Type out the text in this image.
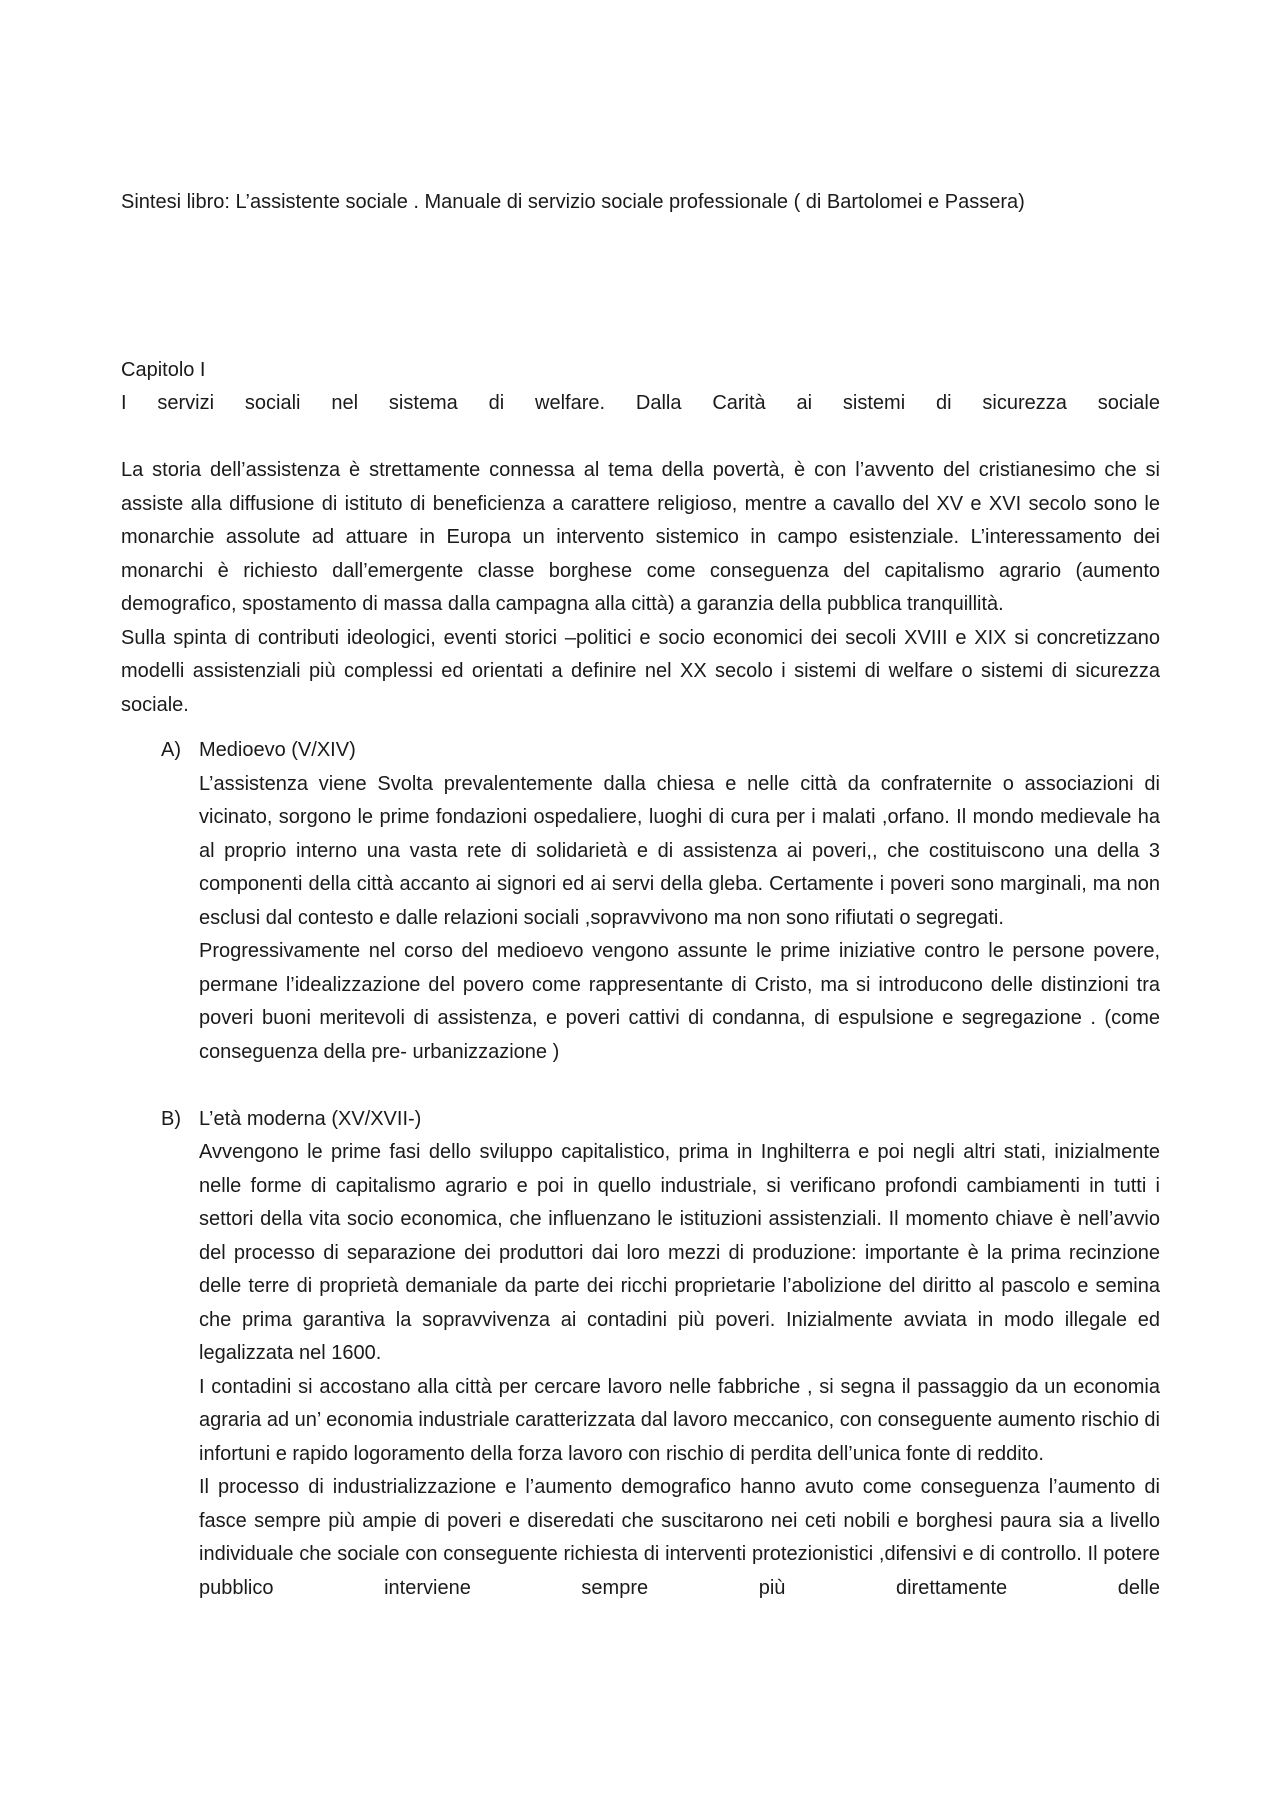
Sintesi libro: L’assistente sociale . Manuale di servizio sociale professionale ( di Bartolomei e Passera)

Capitolo I

I servizi sociali nel sistema di welfare. Dalla Carità ai sistemi di sicurezza sociale

La storia dell’assistenza è strettamente connessa al tema della povertà, è con l’avvento del cristianesimo che si assiste alla diffusione di istituto di beneficienza a carattere religioso, mentre a cavallo del XV e XVI secolo sono le monarchie assolute ad attuare in Europa un intervento sistemico in campo esistenziale. L’interessamento dei monarchi è richiesto dall’emergente classe borghese come conseguenza del capitalismo agrario (aumento demografico, spostamento di massa dalla campagna alla città) a garanzia della pubblica tranquillità.

Sulla spinta di contributi ideologici, eventi storici –politici e socio economici dei secoli XVIII e XIX si concretizzano modelli assistenziali più complessi ed orientati a definire nel XX secolo i sistemi di welfare o sistemi di sicurezza sociale.

A) Medioevo (V/XIV)

L’assistenza viene Svolta prevalentemente dalla chiesa e nelle città da confraternite o associazioni di vicinato, sorgono le prime fondazioni ospedaliere, luoghi di cura per i malati ,orfano. Il mondo medievale ha al proprio interno una vasta rete di solidarietà e di assistenza ai poveri,, che costituiscono una della 3 componenti della città accanto ai signori ed ai servi della gleba. Certamente i poveri sono marginali, ma non esclusi dal contesto e dalle relazioni sociali ,sopravvivono ma non sono rifiutati o segregati.

Progressivamente nel corso del medioevo vengono assunte le prime iniziative contro le persone povere, permane l’idealizzazione del povero come rappresentante di Cristo, ma si introducono delle distinzioni tra poveri buoni meritevoli di assistenza, e poveri cattivi di condanna, di espulsione e segregazione . (come conseguenza della pre- urbanizzazione )

B) L’età moderna (XV/XVII-)

Avvengono le prime fasi dello sviluppo capitalistico, prima in Inghilterra e poi negli altri stati, inizialmente nelle forme di capitalismo agrario e poi in quello industriale, si verificano profondi cambiamenti in tutti i settori della vita socio economica, che influenzano le istituzioni assistenziali. Il momento chiave è nell’avvio del processo di separazione dei produttori dai loro mezzi di produzione: importante è la prima recinzione delle terre di proprietà demaniale da parte dei ricchi proprietarie l’abolizione del diritto al pascolo e semina che prima garantiva la sopravvivenza ai contadini più poveri. Inizialmente avviata in modo illegale ed legalizzata nel 1600.

I contadini si accostano alla città per cercare lavoro nelle fabbriche , si segna il passaggio da un economia agraria ad un’ economia industriale caratterizzata dal lavoro meccanico, con conseguente aumento rischio di infortuni e rapido logoramento della forza lavoro con rischio di perdita dell’unica fonte di reddito.

Il processo di industrializzazione e l’aumento demografico hanno avuto come conseguenza l’aumento di fasce sempre più ampie di poveri e diseredati che suscitarono nei ceti nobili e borghesi paura sia a livello individuale che sociale con conseguente richiesta di interventi protezionistici ,difensivi e di controllo. Il potere pubblico interviene sempre più direttamente delle
